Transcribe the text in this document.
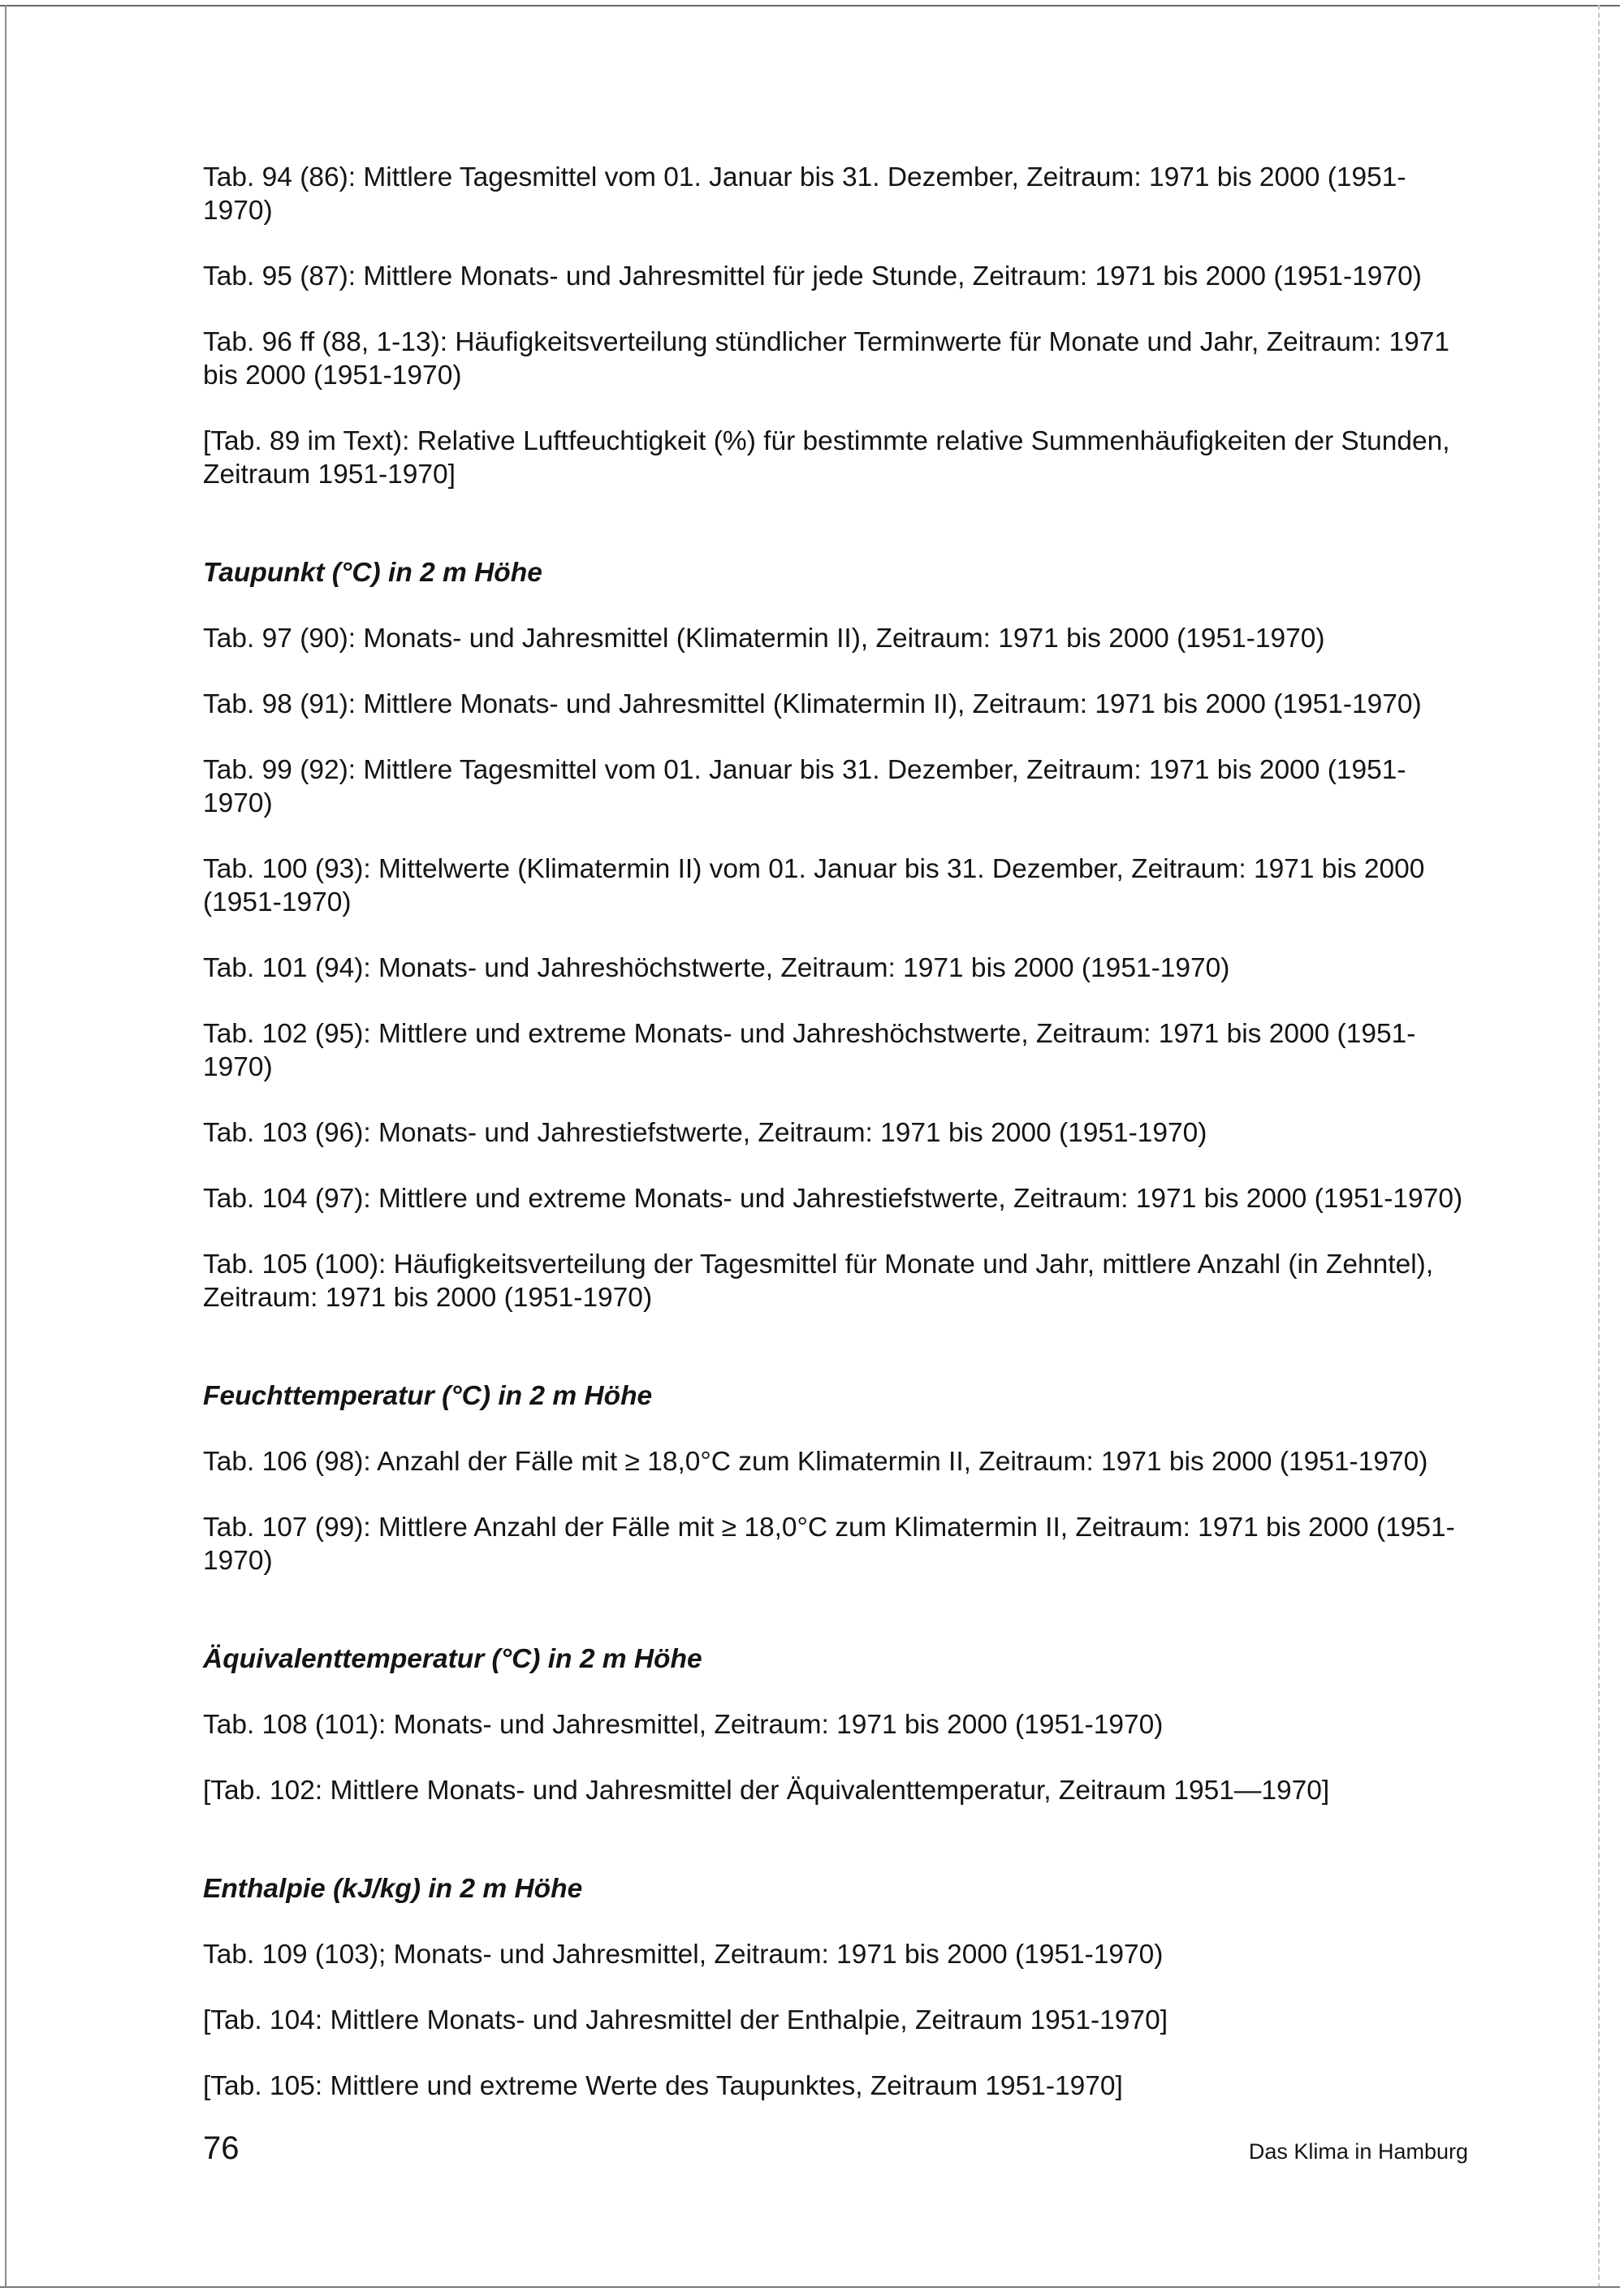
Tab. 94 (86): Mittlere Tagesmittel vom 01. Januar bis 31. Dezember, Zeitraum: 1971 bis 2000 (1951-1970)

Tab. 95 (87): Mittlere Monats- und Jahresmittel für jede Stunde, Zeitraum: 1971 bis 2000 (1951-1970)

Tab. 96 ff (88, 1-13): Häufigkeitsverteilung stündlicher Terminwerte für Monate und Jahr, Zeitraum: 1971 bis 2000 (1951-1970)

[Tab. 89 im Text): Relative Luftfeuchtigkeit (%) für bestimmte relative Summenhäufigkeiten der Stunden, Zeitraum 1951-1970]

Taupunkt (°C) in 2 m Höhe

Tab. 97 (90): Monats- und Jahresmittel (Klimatermin II), Zeitraum: 1971 bis 2000 (1951-1970)

Tab. 98 (91): Mittlere Monats- und Jahresmittel (Klimatermin II), Zeitraum: 1971 bis 2000 (1951-1970)

Tab. 99 (92): Mittlere Tagesmittel vom 01. Januar bis 31. Dezember, Zeitraum: 1971 bis 2000 (1951-1970)

Tab. 100 (93): Mittelwerte (Klimatermin II) vom 01. Januar bis 31. Dezember, Zeitraum: 1971 bis 2000 (1951-1970)

Tab. 101 (94): Monats- und Jahreshöchstwerte, Zeitraum: 1971 bis 2000 (1951-1970)

Tab. 102 (95): Mittlere und extreme Monats- und Jahreshöchstwerte, Zeitraum: 1971 bis 2000 (1951-1970)

Tab. 103 (96): Monats- und Jahrestiefstwerte, Zeitraum: 1971 bis 2000 (1951-1970)

Tab. 104 (97): Mittlere und extreme Monats- und Jahrestiefstwerte, Zeitraum: 1971 bis 2000 (1951-1970)

Tab. 105 (100): Häufigkeitsverteilung der Tagesmittel für Monate und Jahr, mittlere Anzahl (in Zehntel), Zeitraum: 1971 bis 2000 (1951-1970)

Feuchttemperatur (°C) in 2 m Höhe

Tab. 106 (98): Anzahl der Fälle mit ≥ 18,0°C zum Klimatermin II, Zeitraum: 1971 bis 2000 (1951-1970)

Tab. 107 (99): Mittlere Anzahl der Fälle mit ≥ 18,0°C zum Klimatermin II, Zeitraum: 1971 bis 2000 (1951-1970)

Äquivalenttemperatur (°C) in 2 m Höhe

Tab. 108 (101): Monats- und Jahresmittel, Zeitraum: 1971 bis 2000 (1951-1970)

[Tab. 102: Mittlere Monats- und Jahresmittel der Äquivalenttemperatur, Zeitraum 1951—1970]

Enthalpie (kJ/kg) in 2 m Höhe

Tab. 109 (103); Monats- und Jahresmittel, Zeitraum: 1971 bis 2000 (1951-1970)

[Tab. 104: Mittlere Monats- und Jahresmittel der Enthalpie, Zeitraum 1951-1970]

[Tab. 105: Mittlere und extreme Werte des Taupunktes, Zeitraum 1951-1970]

76	Das Klima in Hamburg
